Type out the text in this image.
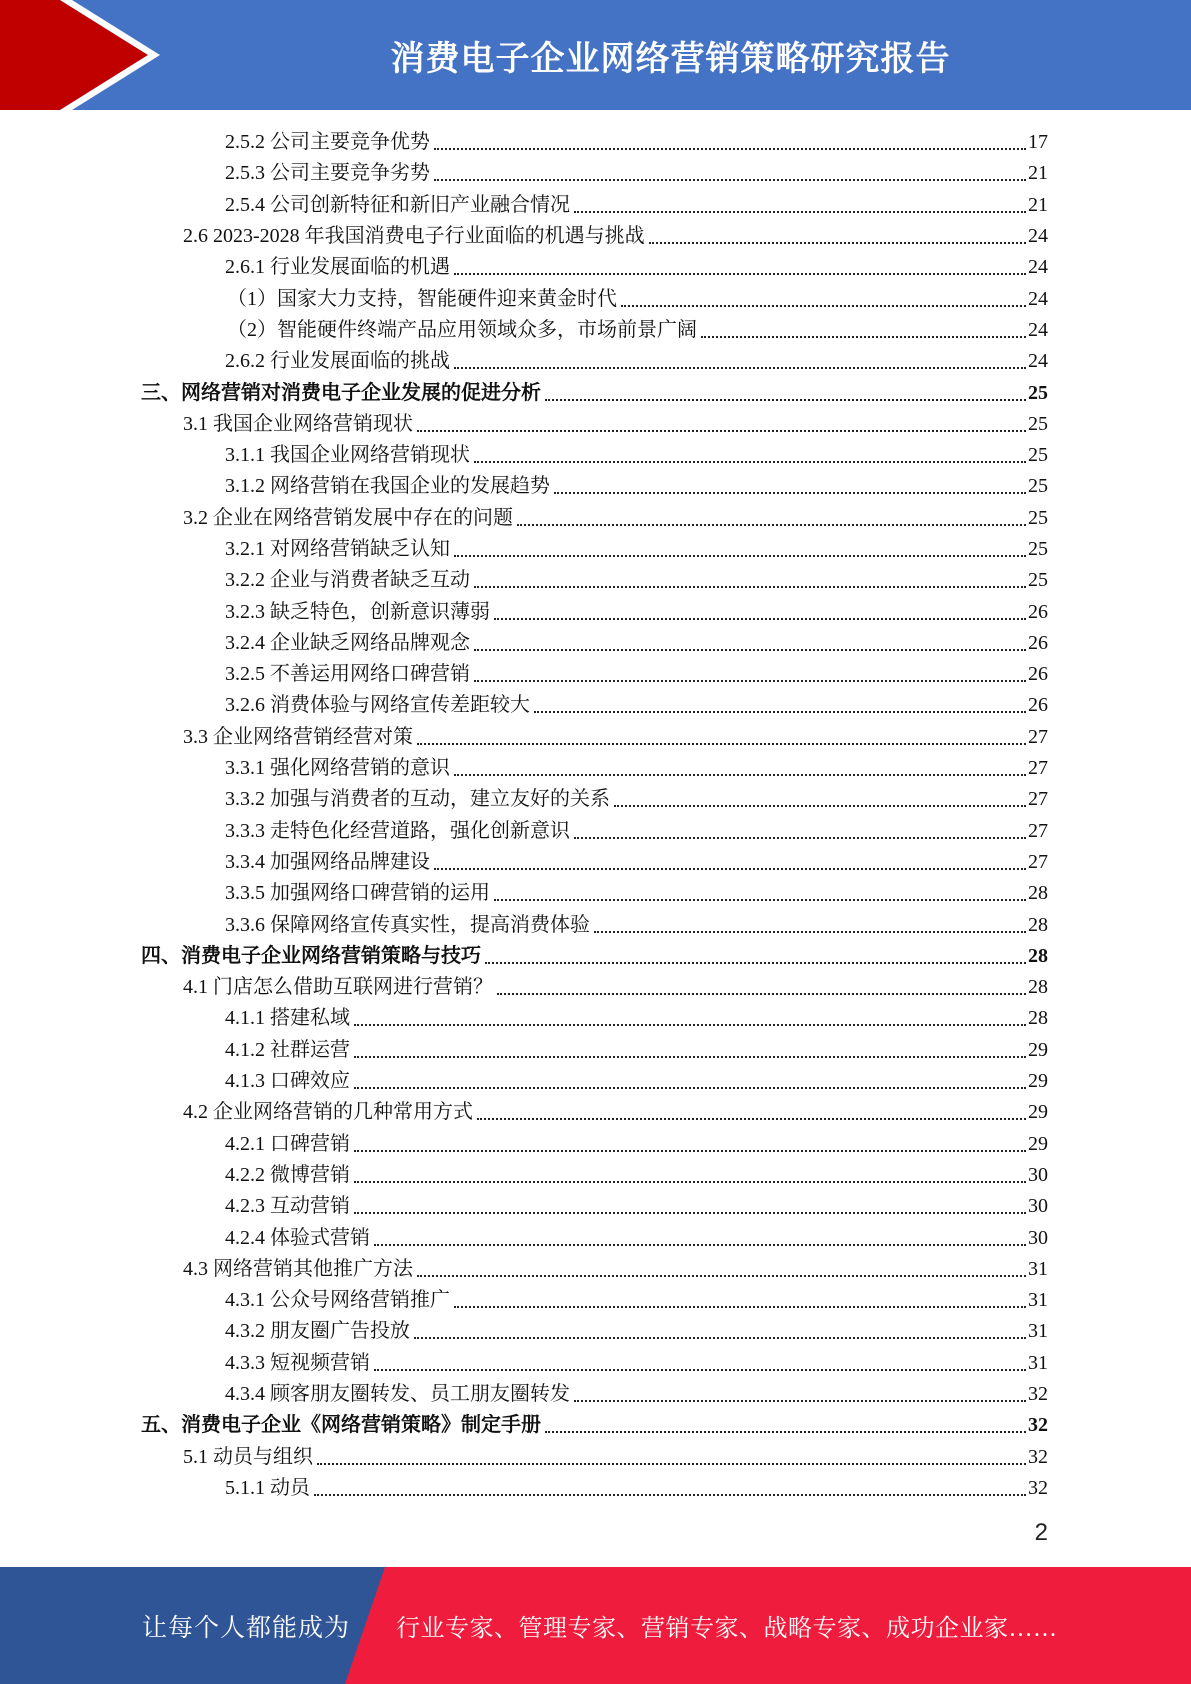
消费电子企业网络营销策略研究报告
2.5.2 公司主要竞争优势	17
2.5.3 公司主要竞争劣势	21
2.5.4 公司创新特征和新旧产业融合情况	21
2.6 2023-2028 年我国消费电子行业面临的机遇与挑战	24
2.6.1 行业发展面临的机遇	24
（1）国家大力支持，智能硬件迎来黄金时代	24
（2）智能硬件终端产品应用领域众多，市场前景广阔	24
2.6.2 行业发展面临的挑战	24
三、网络营销对消费电子企业发展的促进分析	25
3.1 我国企业网络营销现状	25
3.1.1 我国企业网络营销现状	25
3.1.2 网络营销在我国企业的发展趋势	25
3.2 企业在网络营销发展中存在的问题	25
3.2.1 对网络营销缺乏认知	25
3.2.2 企业与消费者缺乏互动	25
3.2.3 缺乏特色，创新意识薄弱	26
3.2.4 企业缺乏网络品牌观念	26
3.2.5 不善运用网络口碑营销	26
3.2.6 消费体验与网络宣传差距较大	26
3.3 企业网络营销经营对策	27
3.3.1 强化网络营销的意识	27
3.3.2 加强与消费者的互动，建立友好的关系	27
3.3.3 走特色化经营道路，强化创新意识	27
3.3.4 加强网络品牌建设	27
3.3.5 加强网络口碑营销的运用	28
3.3.6 保障网络宣传真实性，提高消费体验	28
四、消费电子企业网络营销策略与技巧	28
4.1 门店怎么借助互联网进行营销？	28
4.1.1 搭建私域	28
4.1.2 社群运营	29
4.1.3 口碑效应	29
4.2 企业网络营销的几种常用方式	29
4.2.1 口碑营销	29
4.2.2 微博营销	30
4.2.3 互动营销	30
4.2.4 体验式营销	30
4.3 网络营销其他推广方法	31
4.3.1 公众号网络营销推广	31
4.3.2 朋友圈广告投放	31
4.3.3 短视频营销	31
4.3.4 顾客朋友圈转发、员工朋友圈转发	32
五、消费电子企业《网络营销策略》制定手册	32
5.1 动员与组织	32
5.1.1 动员	32
2
让每个人都能成为 行业专家、管理专家、营销专家、战略专家、成功企业家……
